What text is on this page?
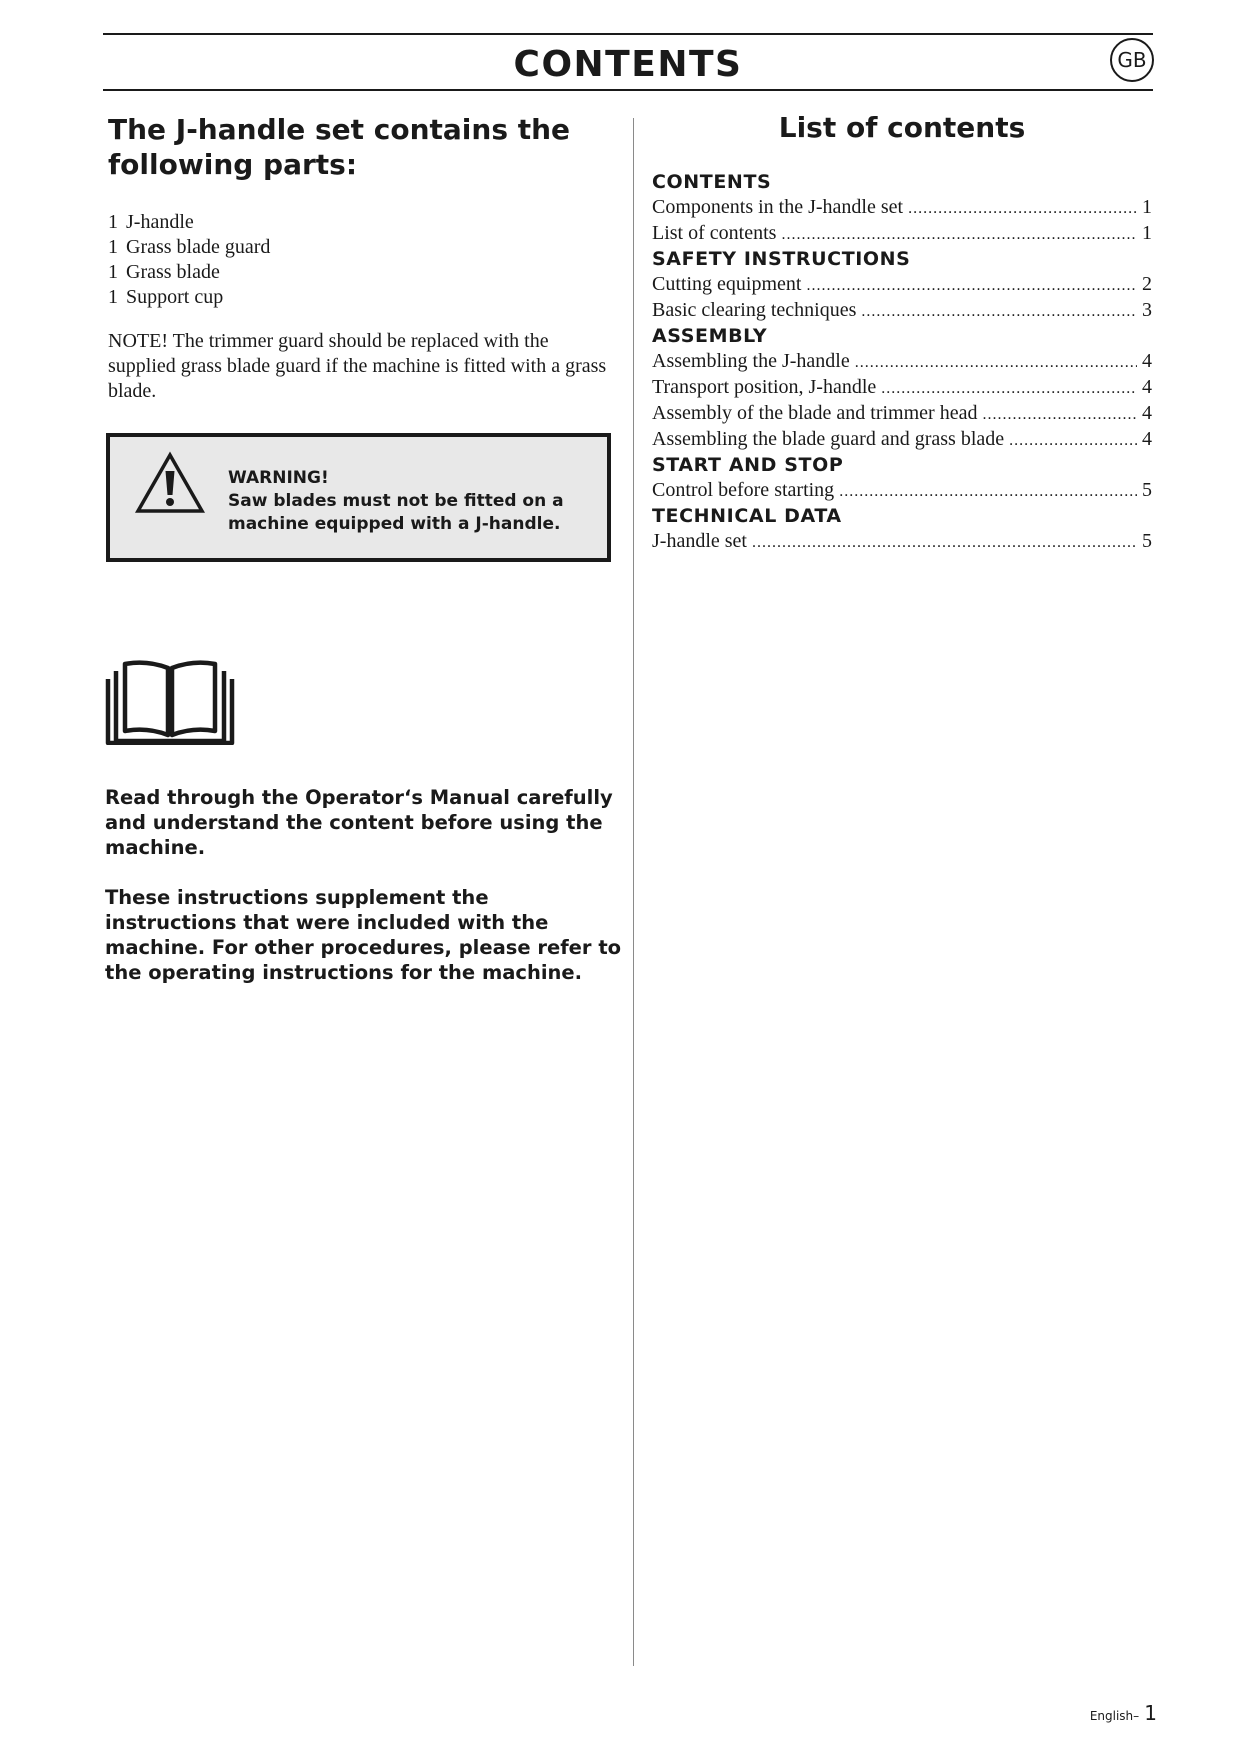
CONTENTS	GB
The J-handle set contains the following parts:
1 J-handle
1 Grass blade guard
1 Grass blade
1 Support cup

NOTE! The trimmer guard should be replaced with the supplied grass blade guard if the machine is fitted with a grass blade.

WARNING!
Saw blades must not be fitted on a machine equipped with a J-handle.

Read through the Operator‘s Manual carefully and understand the content before using the machine.

These instructions supplement the instructions that were included with the machine. For other procedures, please refer to the operating instructions for the machine.

List of contents
CONTENTS
Components in the J-handle set .....	1
List of contents .....	1
SAFETY INSTRUCTIONS
Cutting equipment .....	2
Basic clearing techniques .....	3
ASSEMBLY
Assembling the J-handle .....	4
Transport position, J-handle .....	4
Assembly of the blade and trimmer head .....	4
Assembling the blade guard and grass blade .....	4
START AND STOP
Control before starting .....	5
TECHNICAL DATA
J-handle set .....	5
English– 1
